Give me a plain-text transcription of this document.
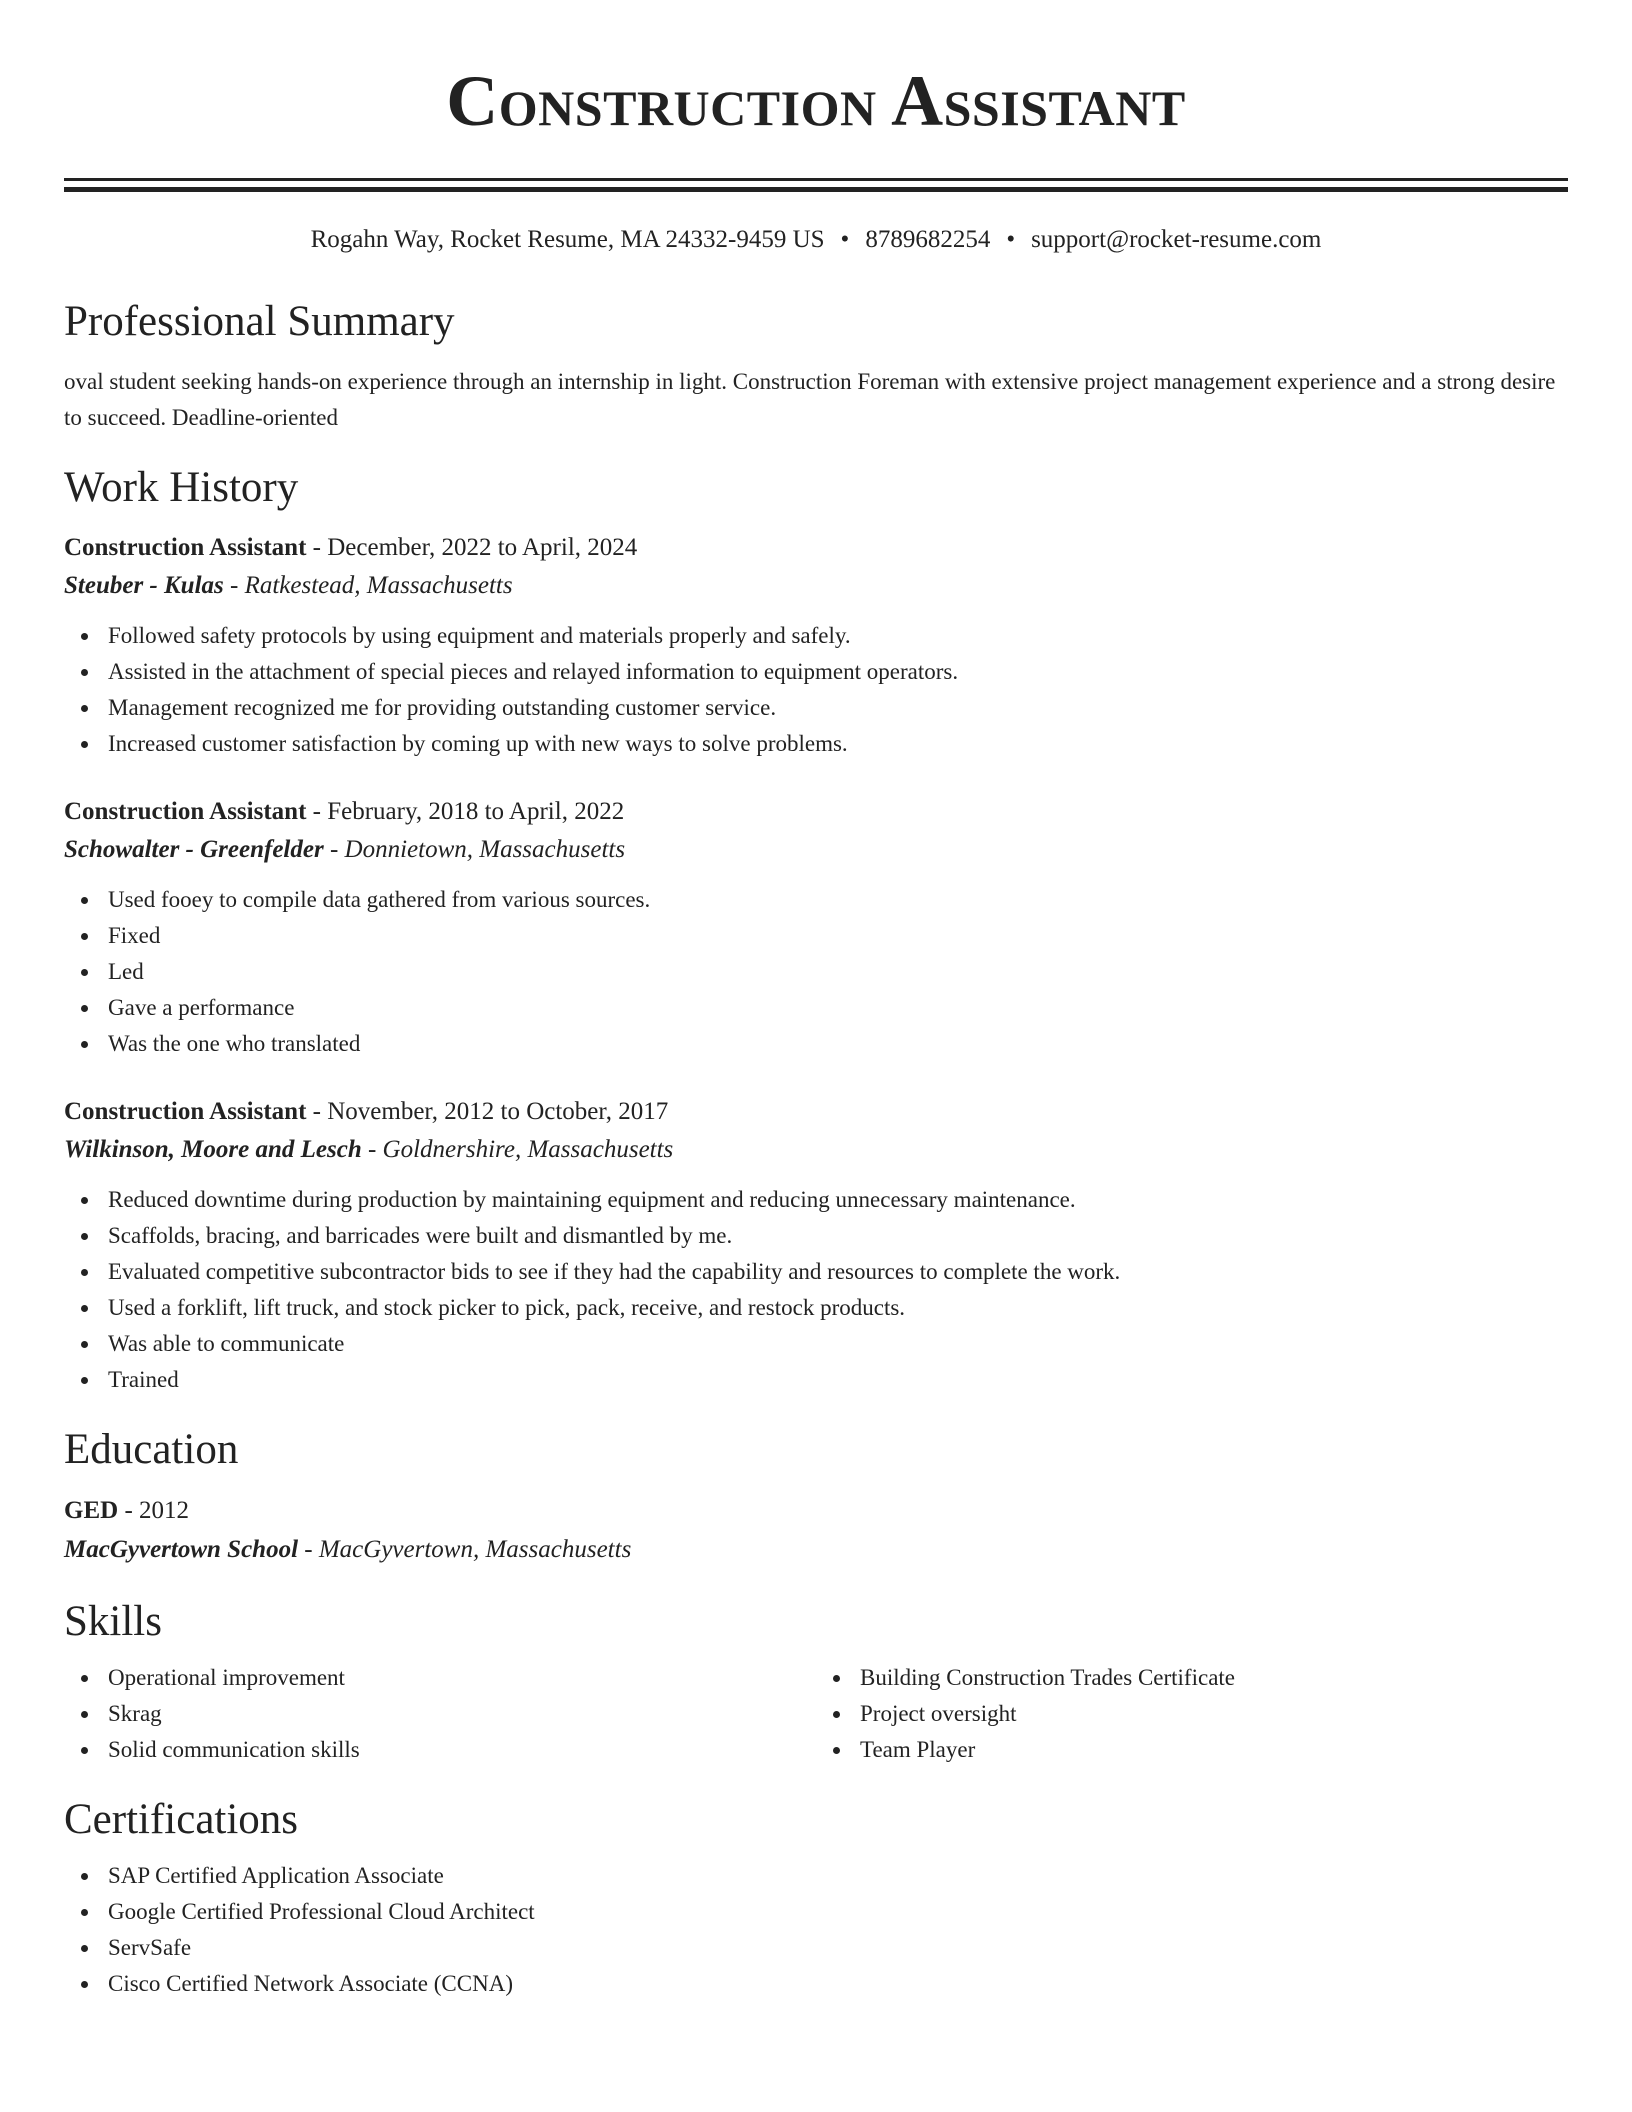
Construction Assistant
Rogahn Way, Rocket Resume, MA 24332-9459 US • 8789682254 • support@rocket-resume.com
Professional Summary
oval student seeking hands-on experience through an internship in light. Construction Foreman with extensive project management experience and a strong desire to succeed. Deadline-oriented
Work History
Construction Assistant - December, 2022 to April, 2024
Steuber - Kulas - Ratkestead, Massachusetts
Followed safety protocols by using equipment and materials properly and safely.
Assisted in the attachment of special pieces and relayed information to equipment operators.
Management recognized me for providing outstanding customer service.
Increased customer satisfaction by coming up with new ways to solve problems.
Construction Assistant - February, 2018 to April, 2022
Schowalter - Greenfelder - Donnietown, Massachusetts
Used fooey to compile data gathered from various sources.
Fixed
Led
Gave a performance
Was the one who translated
Construction Assistant - November, 2012 to October, 2017
Wilkinson, Moore and Lesch - Goldnershire, Massachusetts
Reduced downtime during production by maintaining equipment and reducing unnecessary maintenance.
Scaffolds, bracing, and barricades were built and dismantled by me.
Evaluated competitive subcontractor bids to see if they had the capability and resources to complete the work.
Used a forklift, lift truck, and stock picker to pick, pack, receive, and restock products.
Was able to communicate
Trained
Education
GED - 2012
MacGyvertown School - MacGyvertown, Massachusetts
Skills
Operational improvement
Skrag
Solid communication skills
Building Construction Trades Certificate
Project oversight
Team Player
Certifications
SAP Certified Application Associate
Google Certified Professional Cloud Architect
ServSafe
Cisco Certified Network Associate (CCNA)
